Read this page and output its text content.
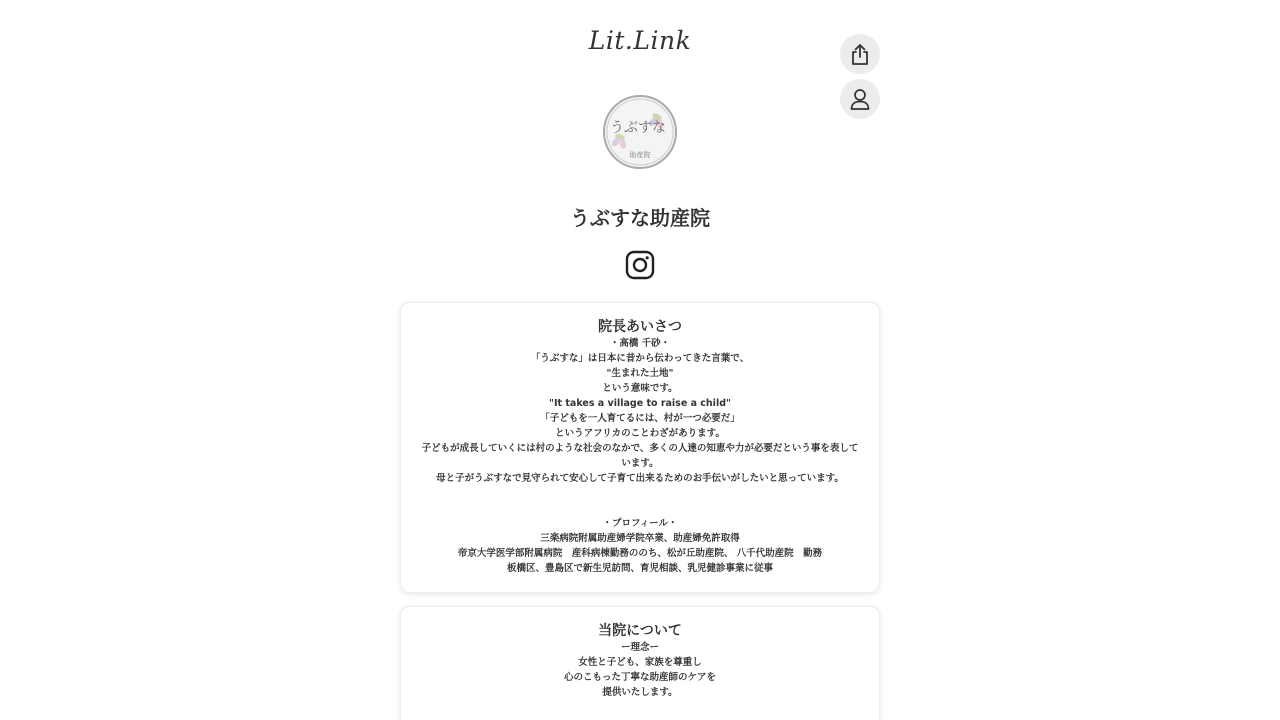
Lit.Link
うぶすな
助産院
うぶすな助産院
院長あいさつ
・高橋 千砂・
「うぶすな」は日本に昔から伝わってきた言葉で、
"生まれた土地"
という意味です。
"It takes a village to raise a child"
「子どもを一人育てるには、村が一つ必要だ」
というアフリカのことわざがあります。
子どもが成長していくには村のような社会のなかで、多くの人達の知恵や力が必要だという事を表して
います。
母と子がうぶすなで見守られて安心して子育て出来るためのお手伝いがしたいと思っています。
・プロフィール・
三楽病院附属助産婦学院卒業、助産婦免許取得
帝京大学医学部附属病院　産科病棟勤務ののち、松が丘助産院、 八千代助産院　勤務
板橋区、豊島区で新生児訪問、育児相談、乳児健診事業に従事
当院について
ー理念ー
女性と子ども、家族を尊重し
心のこもった丁寧な助産師のケアを
提供いたします。
